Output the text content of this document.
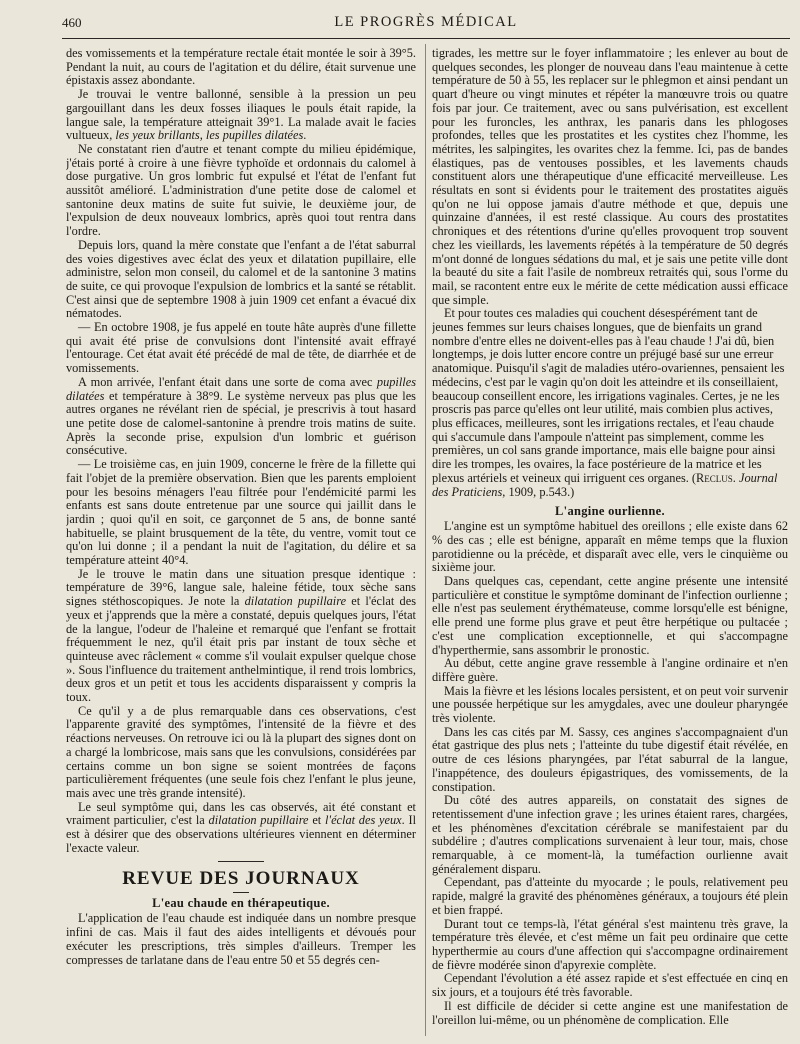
460	LE PROGRÈS MÉDICAL

des vomissements et la température rectale était montée le soir à 39°5. Pendant la nuit, au cours de l'agitation et du délire, était survenue une épistaxis assez abondante.

Je trouvai le ventre ballonné, sensible à la pression un peu gargouillant dans les deux fosses iliaques le pouls était rapide, la langue sale, la température atteignait 39°1. La malade avait le facies vultueux, les yeux brillants, les pupilles dilatées.

Ne constatant rien d'autre et tenant compte du milieu épidémique, j'étais porté à croire à une fièvre typhoïde et ordonnais du calomel à dose purgative. Un gros lombric fut expulsé et l'état de l'enfant fut aussitôt amélioré. L'administration d'une petite dose de calomel et santonine deux matins de suite fut suivie, le deuxième jour, de l'expulsion de deux nouveaux lombrics, après quoi tout rentra dans l'ordre.

Depuis lors, quand la mère constate que l'enfant a de l'état saburral des voies digestives avec éclat des yeux et dilatation pupillaire, elle administre, selon mon conseil, du calomel et de la santonine 3 matins de suite, ce qui provoque l'expulsion de lombrics et la santé se rétablit. C'est ainsi que de septembre 1908 à juin 1909 cet enfant a évacué dix nématodes.

— En octobre 1908, je fus appelé en toute hâte auprès d'une fillette qui avait été prise de convulsions dont l'intensité avait effrayé l'entourage. Cet état avait été précédé de mal de tête, de diarrhée et de vomissements.

A mon arrivée, l'enfant était dans une sorte de coma avec pupilles dilatées et température à 38°9. Le système nerveux pas plus que les autres organes ne révélant rien de spécial, je prescrivis à tout hasard une petite dose de calomel-santonine à prendre trois matins de suite. Après la seconde prise, expulsion d'un lombric et guérison consécutive.

— Le troisième cas, en juin 1909, concerne le frère de la fillette qui fait l'objet de la première observation. Bien que les parents emploient pour les besoins ménagers l'eau filtrée pour l'endémicité parmi les enfants est sans doute entretenue par une source qui jaillit dans le jardin ; quoi qu'il en soit, ce garçonnet de 5 ans, de bonne santé habituelle, se plaint brusquement de la tête, du ventre, vomit tout ce qu'on lui donne ; il a pendant la nuit de l'agitation, du délire et sa température atteint 40°4.

Je le trouve le matin dans une situation presque identique : température de 39°6, langue sale, haleine fétide, toux sèche sans signes stéthoscopiques. Je note la dilatation pupillaire et l'éclat des yeux et j'apprends que la mère a constaté, depuis quelques jours, l'état de la langue, l'odeur de l'haleine et remarqué que l'enfant se frottait fréquemment le nez, qu'il était pris par instant de toux sèche et quinteuse avec râclement « comme s'il voulait expulser quelque chose ». Sous l'influence du traitement anthelmintique, il rend trois lombrics, deux gros et un petit et tous les accidents disparaissent y compris la toux.

Ce qu'il y a de plus remarquable dans ces observations, c'est l'apparente gravité des symptômes, l'intensité de la fièvre et des réactions nerveuses. On retrouve ici ou là la plupart des signes dont on a chargé la lombricose, mais sans que les convulsions, considérées par certains comme un bon signe se soient montrées de façons particulièrement fréquentes (une seule fois chez l'enfant le plus jeune, mais avec une très grande intensité).

Le seul symptôme qui, dans les cas observés, ait été constant et vraiment particulier, c'est la dilatation pupillaire et l'éclat des yeux. Il est à désirer que des observations ultérieures viennent en déterminer l'exacte valeur.

REVUE DES JOURNAUX
L'eau chaude en thérapeutique.

L'application de l'eau chaude est indiquée dans un nombre presque infini de cas. Mais il faut des aides intelligents et dévoués pour exécuter les prescriptions, très simples d'ailleurs. Tremper les compresses de tarlatane dans de l'eau entre 50 et 55 degrés cen-

tigrades, les mettre sur le foyer inflammatoire ; les enlever au bout de quelques secondes, les plonger de nouveau dans l'eau maintenue à cette température de 50 à 55, les replacer sur le phlegmon et ainsi pendant un quart d'heure ou vingt minutes et répéter la manœuvre trois ou quatre fois par jour. Ce traitement, avec ou sans pulvérisation, est excellent pour les furoncles, les anthrax, les panaris dans les phlogoses profondes, telles que les prostatites et les cystites chez l'homme, les métrites, les salpingites, les ovarites chez la femme. Ici, pas de bandes élastiques, pas de ventouses possibles, et les lavements chauds constituent alors une thérapeutique d'une efficacité merveilleuse. Les résultats en sont si évidents pour le traitement des prostatites aiguës qu'on ne lui oppose jamais d'autre méthode et que, depuis une quinzaine d'années, il est resté classique. Au cours des prostatites chroniques et des rétentions d'urine qu'elles provoquent trop souvent chez les vieillards, les lavements répétés à la température de 50 degrés m'ont donné de longues sédations du mal, et je sais une petite ville dont la beauté du site a fait l'asile de nombreux retraités qui, sous l'orme du mail, se racontent entre eux le mérite de cette médication aussi efficace que simple.

Et pour toutes ces maladies qui couchent désespérément tant de jeunes femmes sur leurs chaises longues, que de bienfaits un grand nombre d'entre elles ne doivent-elles pas à l'eau chaude ! J'ai dû, bien longtemps, je dois lutter encore contre un préjugé basé sur une erreur anatomique. Puisqu'il s'agit de maladies utéro-ovariennes, pensaient les médecins, c'est par le vagin qu'on doit les atteindre et ils conseillaient, beaucoup conseillent encore, les irrigations vaginales. Certes, je ne les proscris pas parce qu'elles ont leur utilité, mais combien plus actives, plus efficaces, meilleures, sont les irrigations rectales, et l'eau chaude qui s'accumule dans l'ampoule n'atteint pas simplement, comme les premières, un col sans grande importance, mais elle baigne pour ainsi dire les trompes, les ovaires, la face postérieure de la matrice et les plexus artériels et veineux qui irriguent ces organes. (Reclus. Journal des Praticiens, 1909, p.543.)

L'angine ourlienne.

L'angine est un symptôme habituel des oreillons ; elle existe dans 62 % des cas ; elle est bénigne, apparaît en même temps que la fluxion parotidienne ou la précède, et disparaît avec elle, vers le cinquième ou sixième jour.

Dans quelques cas, cependant, cette angine présente une intensité particulière et constitue le symptôme dominant de l'infection ourlienne ; elle n'est pas seulement érythémateuse, comme lorsqu'elle est bénigne, elle prend une forme plus grave et peut être herpétique ou pultacée ; c'est une complication exceptionnelle, et qui s'accompagne d'hyperthermie, sans assombrir le pronostic.

Au début, cette angine grave ressemble à l'angine ordinaire et n'en diffère guère.

Mais la fièvre et les lésions locales persistent, et on peut voir survenir une poussée herpétique sur les amygdales, avec une douleur pharyngée très violente.

Dans les cas cités par M. Sassy, ces angines s'accompagnaient d'un état gastrique des plus nets ; l'atteinte du tube digestif était révélée, en outre de ces lésions pharyngées, par l'état saburral de la langue, l'inappétence, des douleurs épigastriques, des vomissements, de la constipation.

Du côté des autres appareils, on constatait des signes de retentissement d'une infection grave ; les urines étaient rares, chargées, et les phénomènes d'excitation cérébrale se manifestaient par du subdélire ; d'autres complications survenaient à leur tour, mais, chose remarquable, à ce moment-là, la tuméfaction ourlienne avait généralement disparu.

Cependant, pas d'atteinte du myocarde ; le pouls, relativement peu rapide, malgré la gravité des phénomènes généraux, a toujours été plein et bien frappé.

Durant tout ce temps-là, l'état général s'est maintenu très grave, la température très élevée, et c'est même un fait peu ordinaire que cette hyperthermie au cours d'une affection qui s'accompagne ordinairement de fièvre modérée sinon d'apyrexie complète.

Cependant l'évolution a été assez rapide et s'est effectuée en cinq en six jours, et a toujours été très favorable.

Il est difficile de décider si cette angine est une manifestation de l'oreillon lui-même, ou un phénomène de complication. Elle
